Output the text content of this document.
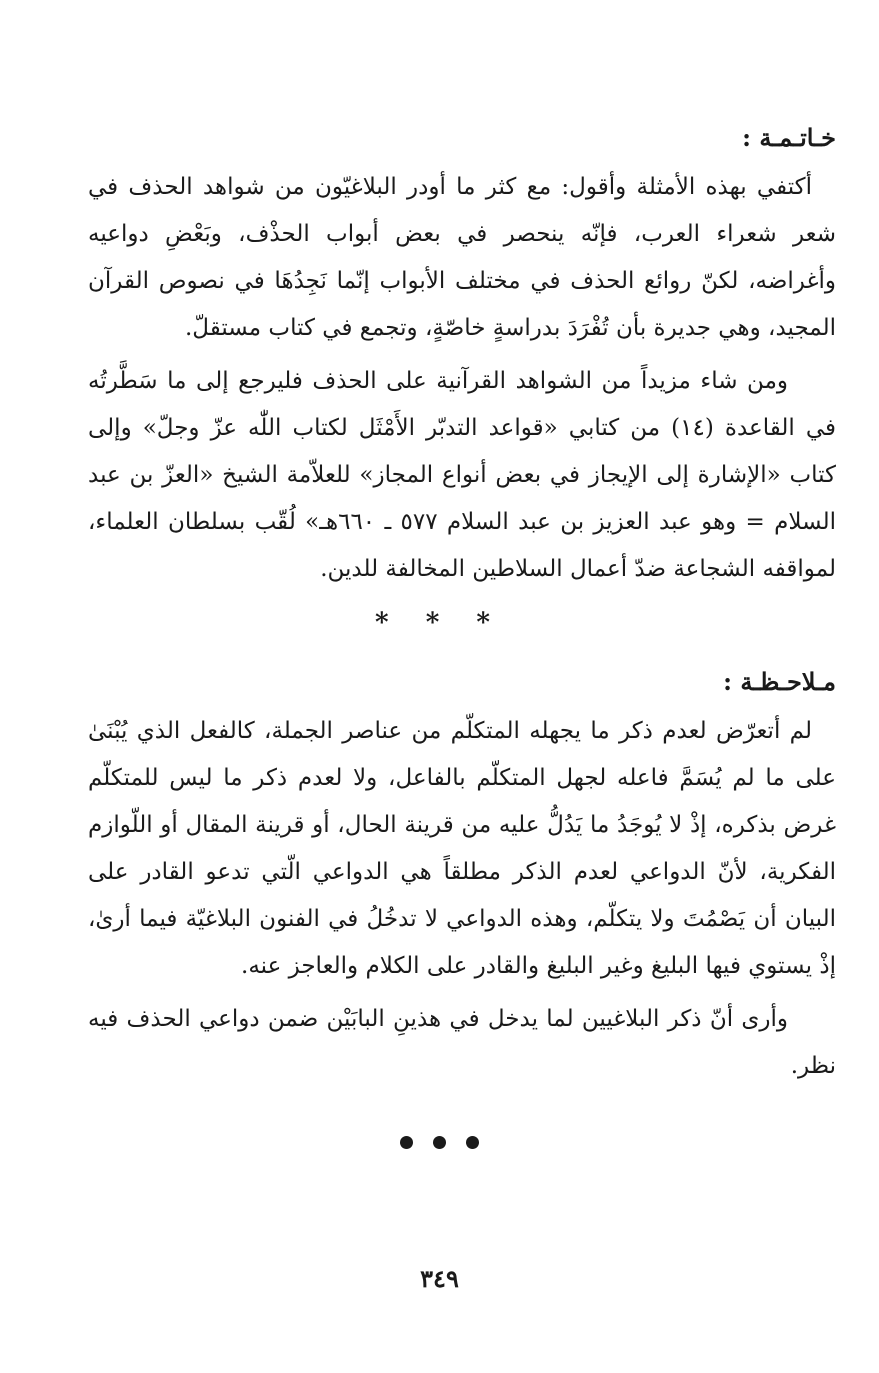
خـاتـمـة :

أكتفي بهذه الأمثلة وأقول: مع كثر ما أودر البلاغيّون من شواهد الحذف في شعر شعراء العرب، فإنّه ينحصر في بعض أبواب الحذْف، وبَعْضِ دواعيه وأغراضه، لكنّ روائع الحذف في مختلف الأبواب إنّما نَجِدُهَا في نصوص القرآن المجيد، وهي جديرة بأن تُفْرَدَ بدراسةٍ خاصّةٍ، وتجمع في كتاب مستقلّ.

ومن شاء مزيداً من الشواهد القرآنية على الحذف فليرجع إلى ما سَطَّرتُه في القاعدة (١٤) من كتابي «قواعد التدبّر الأَمْثَل لكتاب اللّٰه عزّ وجلّ» وإلى كتاب «الإشارة إلى الإيجاز في بعض أنواع المجاز» للعلاّمة الشيخ «العزّ بن عبد السلام = وهو عبد العزيز بن عبد السلام ٥٧٧ ـ ٦٦٠هـ» لُقّب بسلطان العلماء، لمواقفه الشجاعة ضدّ أعمال السلاطين المخالفة للدين.

* * *
مـلاحـظـة :

لم أتعرّض لعدم ذكر ما يجهله المتكلّم من عناصر الجملة، كالفعل الذي يُبْنَىٰ على ما لم يُسَمَّ فاعله لجهل المتكلّم بالفاعل، ولا لعدم ذكر ما ليس للمتكلّم غرض بذكره، إذْ لا يُوجَدُ ما يَدُلُّ عليه من قرينة الحال، أو قرينة المقال أو اللّوازم الفكرية، لأنّ الدواعي لعدم الذكر مطلقاً هي الدواعي الّتي تدعو القادر على البيان أن يَصْمُتَ ولا يتكلّم، وهذه الدواعي لا تدخُلُ في الفنون البلاغيّة فيما أرىٰ، إذْ يستوي فيها البليغ وغير البليغ والقادر على الكلام والعاجز عنه.

وأرى أنّ ذكر البلاغيين لما يدخل في هذينِ البابَيْن ضمن دواعي الحذف فيه نظر.

٣٤٩
